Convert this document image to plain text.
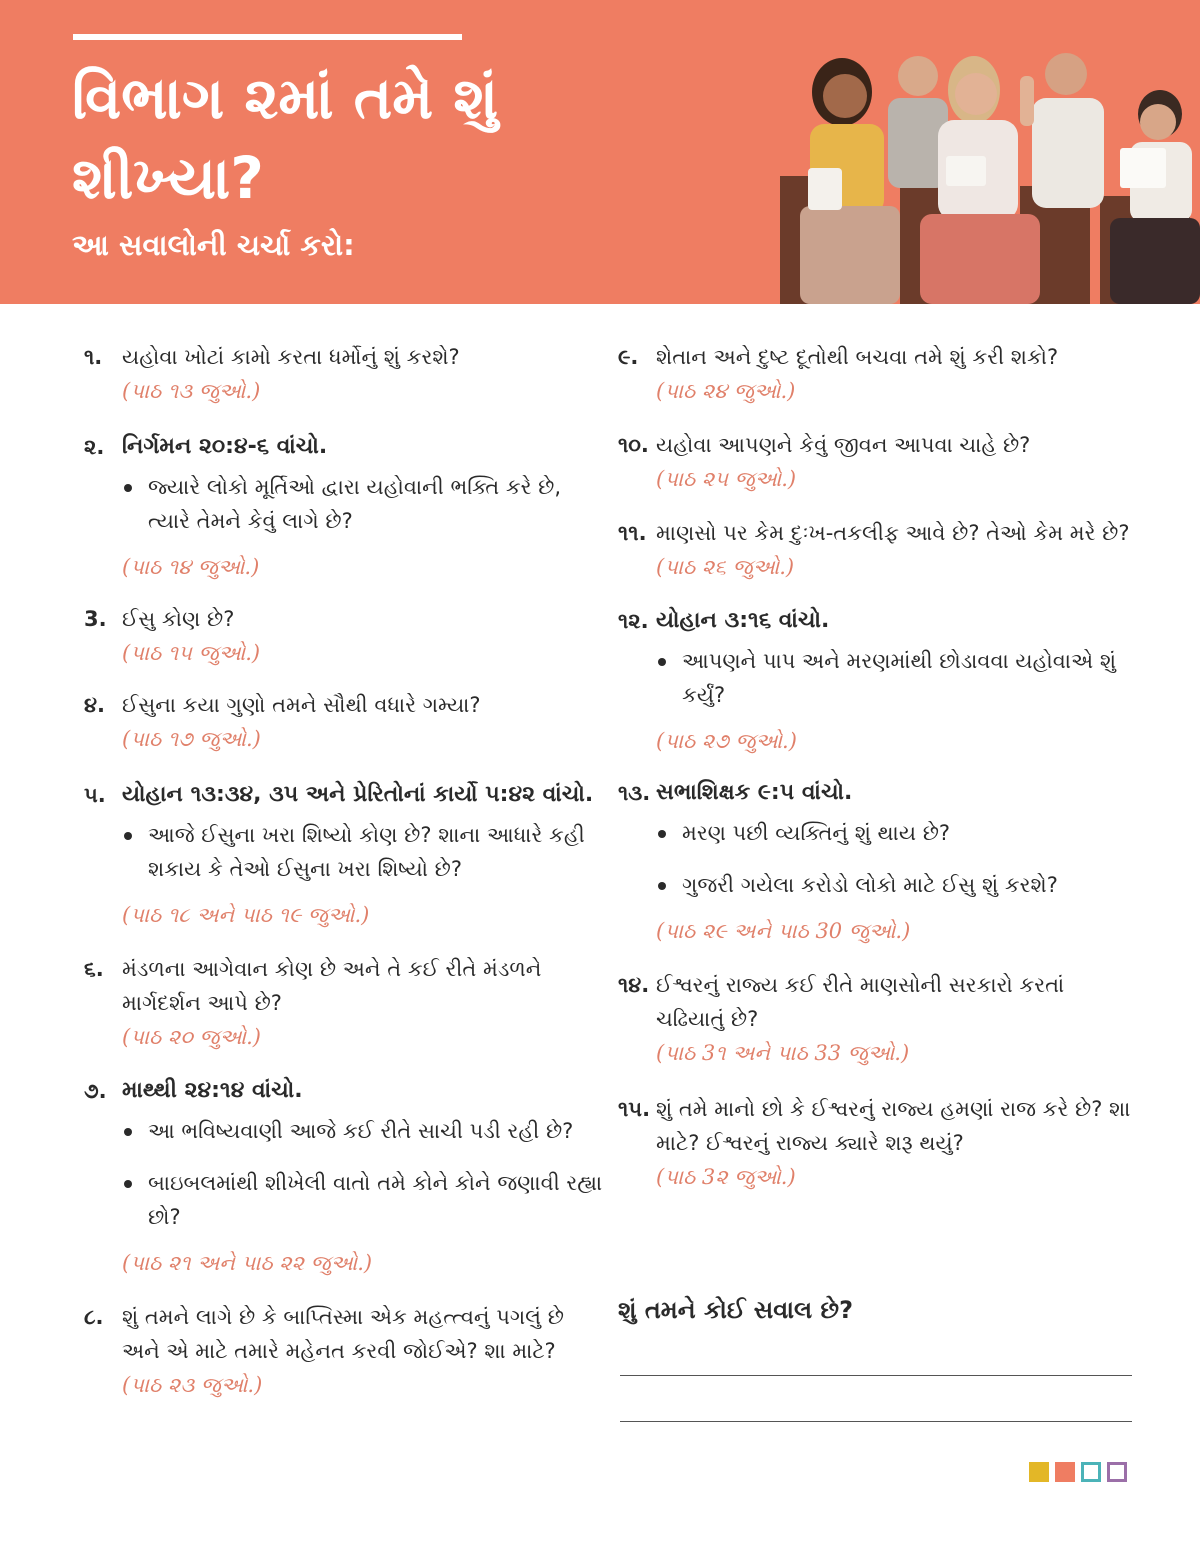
વિભાગ ૨માં તમે શું શીખ્યા?

આ સવાલોની ચર્ચા કરો:

૧. યહોવા ખોટાં કામો કરતા ધર્મોનું શું કરશે?
(પાઠ ૧૩ જુઓ.)
૨. નિર્ગમન ૨૦:૪-૬ વાંચો.
જ્યારે લોકો મૂર્તિઓ દ્વારા યહોવાની ભક્તિ કરે છે, ત્યારે તેમને કેવું લાગે છે?
(પાઠ ૧૪ જુઓ.)
3. ઈસુ કોણ છે?
(પાઠ ૧૫ જુઓ.)
૪. ઈસુના કયા ગુણો તમને સૌથી વધારે ગમ્યા?
(પાઠ ૧૭ જુઓ.)
૫. યોહાન ૧૩:૩૪, ૩૫ અને પ્રેરિતોનાં કાર્યો ૫:૪૨ વાંચો.
આજે ઈસુના ખરા શિષ્યો કોણ છે? શાના આધારે કહી શકાય કે તેઓ ઈસુના ખરા શિષ્યો છે?
(પાઠ ૧૮ અને પાઠ ૧૯ જુઓ.)
૬. મંડળના આગેવાન કોણ છે અને તે કઈ રીતે મંડળને માર્ગદર્શન આપે છે?
(પાઠ ૨૦ જુઓ.)
૭. માથ્થી ૨૪:૧૪ વાંચો.
આ ભવિષ્યવાણી આજે કઈ રીતે સાચી પડી રહી છે?
બાઇબલમાંથી શીખેલી વાતો તમે કોને કોને જણાવી રહ્યા છો?
(પાઠ ૨૧ અને પાઠ ૨૨ જુઓ.)
૮. શું તમને લાગે છે કે બાપ્તિસ્મા એક મહત્ત્વનું પગલું છે અને એ માટે તમારે મહેનત કરવી જોઈએ? શા માટે?
(પાઠ ૨૩ જુઓ.)
૯. શેતાન અને દુષ્ટ દૂતોથી બચવા તમે શું કરી શકો?
(પાઠ ૨૪ જુઓ.)
૧૦. યહોવા આપણને કેવું જીવન આપવા ચાહે છે?
(પાઠ ૨૫ જુઓ.)
૧૧. માણસો પર કેમ દુઃખ-તકલીફ આવે છે? તેઓ કેમ મરે છે?
(પાઠ ૨૬ જુઓ.)
૧૨. યોહાન ૩:૧૬ વાંચો.
આપણને પાપ અને મરણમાંથી છોડાવવા યહોવાએ શું કર્યું?
(પાઠ ૨૭ જુઓ.)
૧૩. સભાશિક્ષક ૯:૫ વાંચો.
મરણ પછી વ્યક્તિનું શું થાય છે?
ગુજરી ગયેલા કરોડો લોકો માટે ઈસુ શું કરશે?
(પાઠ ૨૯ અને પાઠ 30 જુઓ.)
૧૪. ઈશ્વરનું રાજ્ય કઈ રીતે માણસોની સરકારો કરતાં ચઢિયાતું છે?
(પાઠ 3૧ અને પાઠ 33 જુઓ.)
૧૫. શું તમે માનો છો કે ઈશ્વરનું રાજ્ય હમણાં રાજ કરે છે? શા માટે? ઈશ્વરનું રાજ્ય ક્યારે શરૂ થયું?
(પાઠ 3૨ જુઓ.)
શું તમને કોઈ સવાલ છે?
